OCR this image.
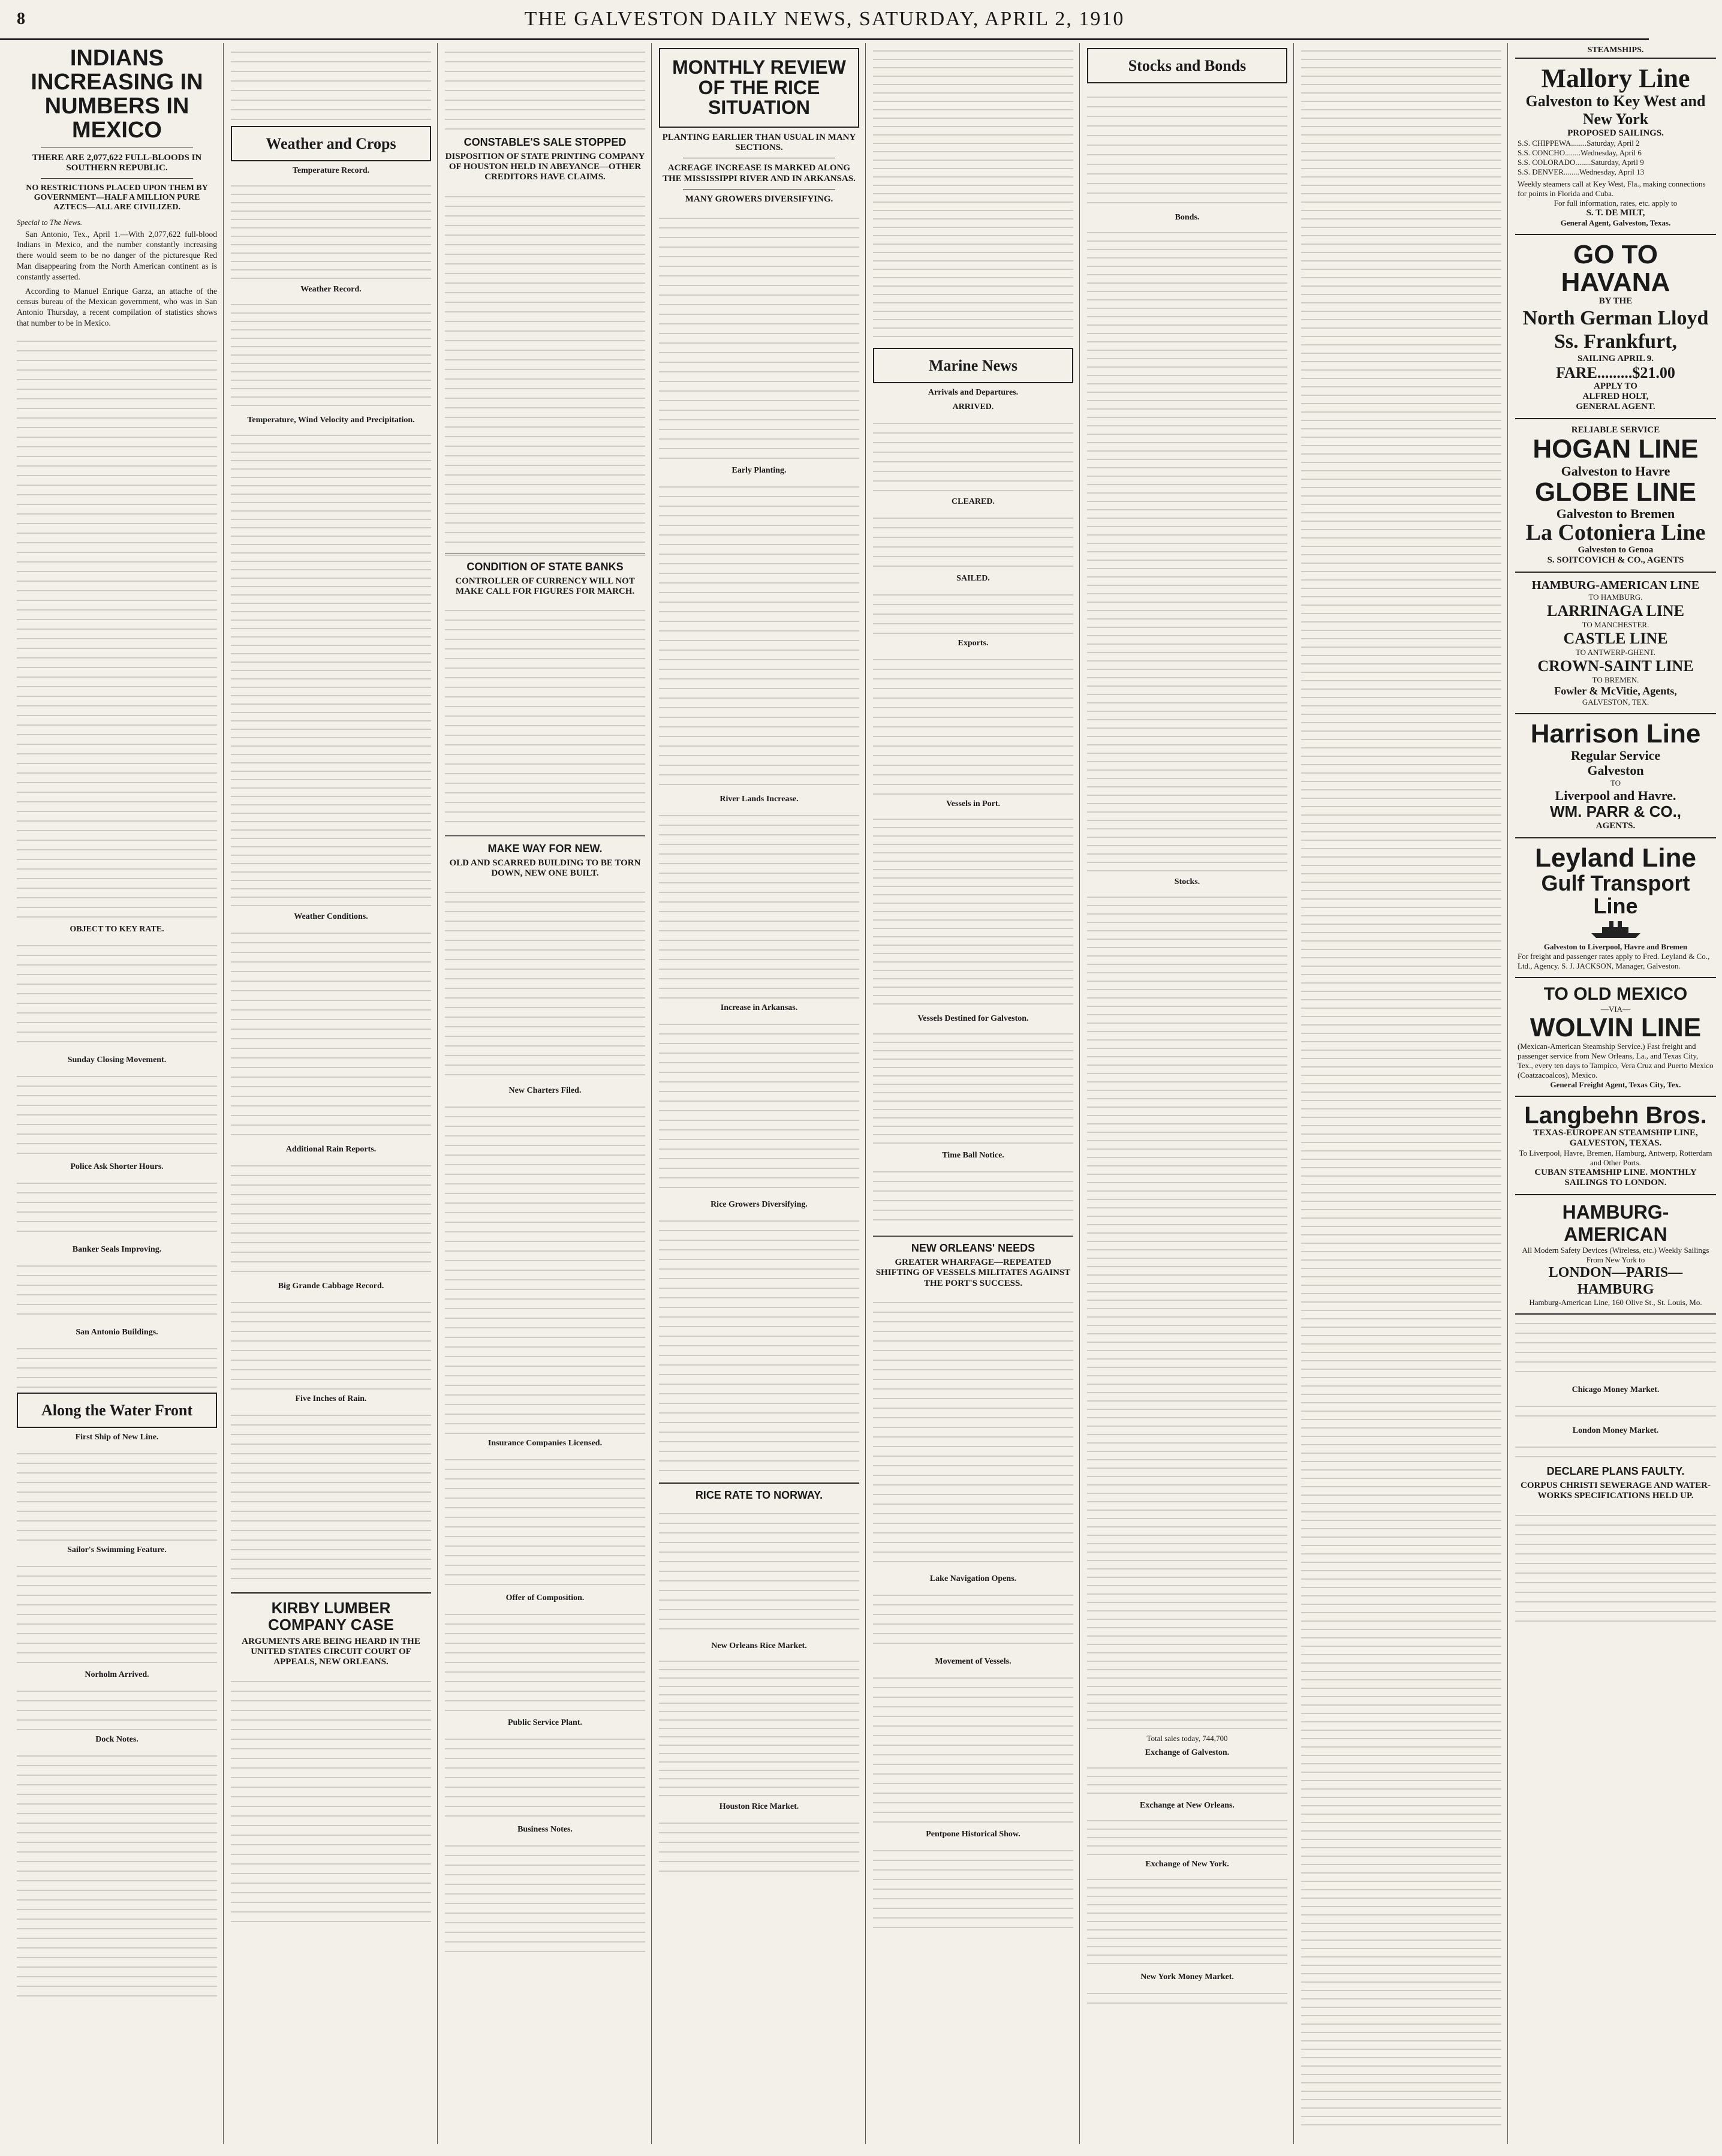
8	THE GALVESTON DAILY NEWS, SATURDAY, APRIL 2, 1910
INDIANS INCREASING IN NUMBERS IN MEXICO
THERE ARE 2,077,622 FULL-BLOODS IN SOUTHERN REPUBLIC.
NO RESTRICTIONS PLACED UPON THEM BY GOVERNMENT—HALF A MILLION PURE AZTECS—ALL ARE CIVILIZED.
Special to The News.

San Antonio, Tex., April 1.—With 2,077,622 full-blood Indians in Mexico, and the number constantly increasing there would seem to be no danger of the picturesque Red Man disappearing from the North American continent as is constantly asserted.

According to Manuel Enrique Garza, an attache of the census bureau of the Mexican government, who was in San Antonio Thursday, a recent compilation of statistics shows that number to be in Mexico.

OBJECT TO KEY RATE.
Sunday Closing Movement.
Police Ask Shorter Hours.
Banker Seals Improving.
San Antonio Buildings.
Along the Water Front
First Ship of New Line.
Sailor's Swimming Feature.
Norholm Arrived.
Dock Notes.
Weather and Crops
Temperature Record.
Weather Record.
Temperature, Wind Velocity and Precipitation.
Weather Conditions.
Additional Rain Reports.
Big Grande Cabbage Record.
Five Inches of Rain.
KIRBY LUMBER COMPANY CASE
ARGUMENTS ARE BEING HEARD IN THE UNITED STATES CIRCUIT COURT OF APPEALS, NEW ORLEANS.
CONSTABLE'S SALE STOPPED
DISPOSITION OF STATE PRINTING COMPANY OF HOUSTON HELD IN ABEYANCE—OTHER CREDITORS HAVE CLAIMS.
CONDITION OF STATE BANKS
CONTROLLER OF CURRENCY WILL NOT MAKE CALL FOR FIGURES FOR MARCH.
MAKE WAY FOR NEW.
OLD AND SCARRED BUILDING TO BE TORN DOWN, NEW ONE BUILT.
New Charters Filed.
Insurance Companies Licensed.
Offer of Composition.
Public Service Plant.
Business Notes.
MONTHLY REVIEW OF THE RICE SITUATION
PLANTING EARLIER THAN USUAL IN MANY SECTIONS.
ACREAGE INCREASE IS MARKED ALONG THE MISSISSIPPI RIVER AND IN ARKANSAS.
MANY GROWERS DIVERSIFYING.
Early Planting.
River Lands Increase.
Increase in Arkansas.
Rice Growers Diversifying.
RICE RATE TO NORWAY.
New Orleans Rice Market.
Houston Rice Market.
Marine News
Arrivals and Departures.
ARRIVED.
CLEARED.
SAILED.
Exports.
Vessels in Port.
Vessels Destined for Galveston.
Time Ball Notice.
NEW ORLEANS' NEEDS
GREATER WHARFAGE—REPEATED SHIFTING OF VESSELS MILITATES AGAINST THE PORT'S SUCCESS.
Lake Navigation Opens.
Movement of Vessels.
Pentpone Historical Show.
Stocks and Bonds
Bonds.
Stocks.
Total sales today, 744,700
Exchange of Galveston.
Exchange at New Orleans.
Exchange of New York.
New York Money Market.
STEAMSHIPS.
Mallory Line
Galveston to Key West and New York
PROPOSED SAILINGS.
S.S. CHIPPEWA........Saturday, April 2
S.S. CONCHO........Wednesday, April 6
S.S. COLORADO........Saturday, April 9
S.S. DENVER........Wednesday, April 13
Weekly steamers call at Key West, Fla., making connections for points in Florida and Cuba.
For full information, rates, etc. apply to
S. T. DE MILT,
General Agent, Galveston, Texas.
GO TO HAVANA
BY THE
North German Lloyd Ss. Frankfurt,
SAILING APRIL 9.
FARE.........$21.00
APPLY TO
ALFRED HOLT,
GENERAL AGENT.
RELIABLE SERVICE
HOGAN LINE
Galveston to Havre
GLOBE LINE
Galveston to Bremen
La Cotoniera Line
Galveston to Genoa
S. SOITCOVICH & CO., AGENTS
HAMBURG-AMERICAN LINE
TO HAMBURG.
LARRINAGA LINE
TO MANCHESTER.
CASTLE LINE
TO ANTWERP-GHENT.
CROWN-SAINT LINE
TO BREMEN.
Fowler & McVitie, Agents,
GALVESTON, TEX.
Harrison Line
Regular Service
Galveston
TO
Liverpool and Havre.
WM. PARR & CO.,
AGENTS.
Leyland Line
Gulf Transport Line
Galveston to Liverpool, Havre and Bremen
For freight and passenger rates apply to Fred. Leyland & Co., Ltd., Agency. S. J. JACKSON, Manager, Galveston.
TO OLD MEXICO
—VIA—
WOLVIN LINE
(Mexican-American Steamship Service.) Fast freight and passenger service from New Orleans, La., and Texas City, Tex., every ten days to Tampico, Vera Cruz and Puerto Mexico (Coatzacoalcos), Mexico.
General Freight Agent, Texas City, Tex.
Langbehn Bros.
TEXAS-EUROPEAN STEAMSHIP LINE, GALVESTON, TEXAS.
To Liverpool, Havre, Bremen, Hamburg, Antwerp, Rotterdam and Other Ports.
CUBAN STEAMSHIP LINE. MONTHLY SAILINGS TO LONDON.
HAMBURG-AMERICAN
All Modern Safety Devices (Wireless, etc.) Weekly Sailings From New York to
LONDON—PARIS—HAMBURG
Hamburg-American Line, 160 Olive St., St. Louis, Mo.
Chicago Money Market.
London Money Market.
DECLARE PLANS FAULTY.
CORPUS CHRISTI SEWERAGE AND WATER-WORKS SPECIFICATIONS HELD UP.
